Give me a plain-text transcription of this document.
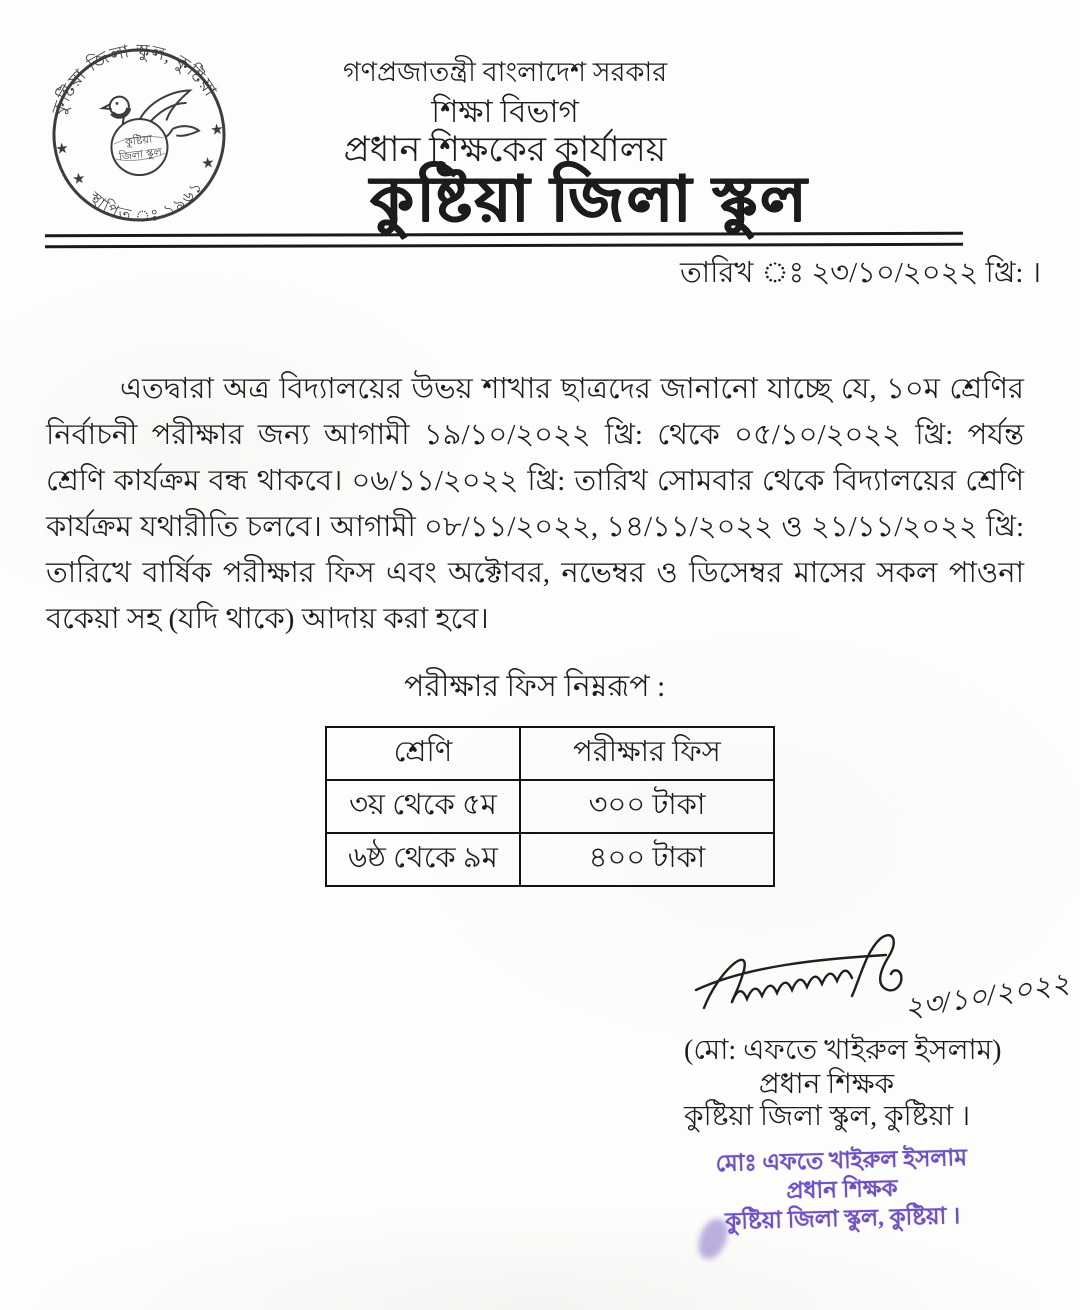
কুষ্টিয়া জিলা স্কুল, কুষ্টিয়া
স্থাপিত ঃ ১৯৬১
★
★
★
★
কুষ্টিয়া
জিলা স্কুল
গণপ্রজাতন্ত্রী বাংলাদেশ সরকার
শিক্ষা বিভাগ
প্রধান শিক্ষকের কার্যালয়
কুষ্টিয়া জিলা স্কুল
তারিখ ঃ ২৩/১০/২০২২ খ্রি: ।
এতদ্বারা অত্র বিদ্যালয়ের উভয় শাখার ছাত্রদের জানানো যাচ্ছে যে, ১০ম শ্রেণির নির্বাচনী পরীক্ষার জন্য আগামী ১৯/১০/২০২২ খ্রি: থেকে ০৫/১০/২০২২ খ্রি: পর্যন্ত শ্রেণি কার্যক্রম বন্ধ থাকবে। ০৬/১১/২০২২ খ্রি: তারিখ সোমবার থেকে বিদ্যালয়ের শ্রেণি কার্যক্রম যথারীতি চলবে। আগামী ০৮/১১/২০২২, ১৪/১১/২০২২ ও ২১/১১/২০২২ খ্রি: তারিখে বার্ষিক পরীক্ষার ফিস এবং অক্টোবর, নভেম্বর ও ডিসেম্বর মাসের সকল পাওনা বকেয়া সহ (যদি থাকে) আদায় করা হবে।
পরীক্ষার ফিস নিম্নরূপ :
শ্রেণি	পরীক্ষার ফিস
৩য় থেকে ৫ম	৩০০ টাকা
৬ষ্ঠ থেকে ৯ম	৪০০ টাকা
২৩/১০/২০২২
(মো: এফতে খাইরুল ইসলাম)
প্রধান শিক্ষক
কুষ্টিয়া জিলা স্কুল, কুষ্টিয়া ।
মোঃ এফতে খাইরুল ইসলাম
প্রধান শিক্ষক
কুষ্টিয়া জিলা স্কুল, কুষ্টিয়া ।
